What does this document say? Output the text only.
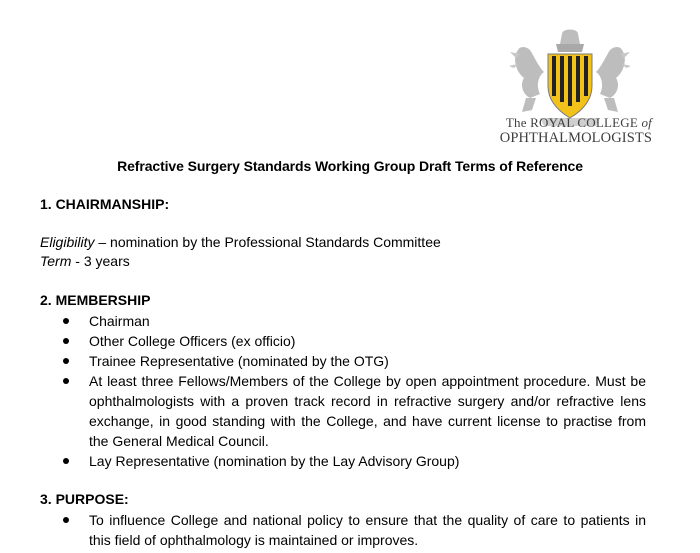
The ROYAL COLLEGE of
OPHTHALMOLOGISTS
Refractive Surgery Standards Working Group Draft Terms of Reference
1. CHAIRMANSHIP:
Eligibility – nomination by the Professional Standards Committee
Term - 3 years
2. MEMBERSHIP
Chairman
Other College Officers (ex officio)
Trainee Representative (nominated by the OTG)
At least three Fellows/Members of the College by open appointment procedure. Must be ophthalmologists with a proven track record in refractive surgery and/or refractive lens exchange, in good standing with the College, and have current license to practise from the General Medical Council.
Lay Representative (nomination by the Lay Advisory Group)
3. PURPOSE:
To influence College and national policy to ensure that the quality of care to patients in this field of ophthalmology is maintained or improves.
